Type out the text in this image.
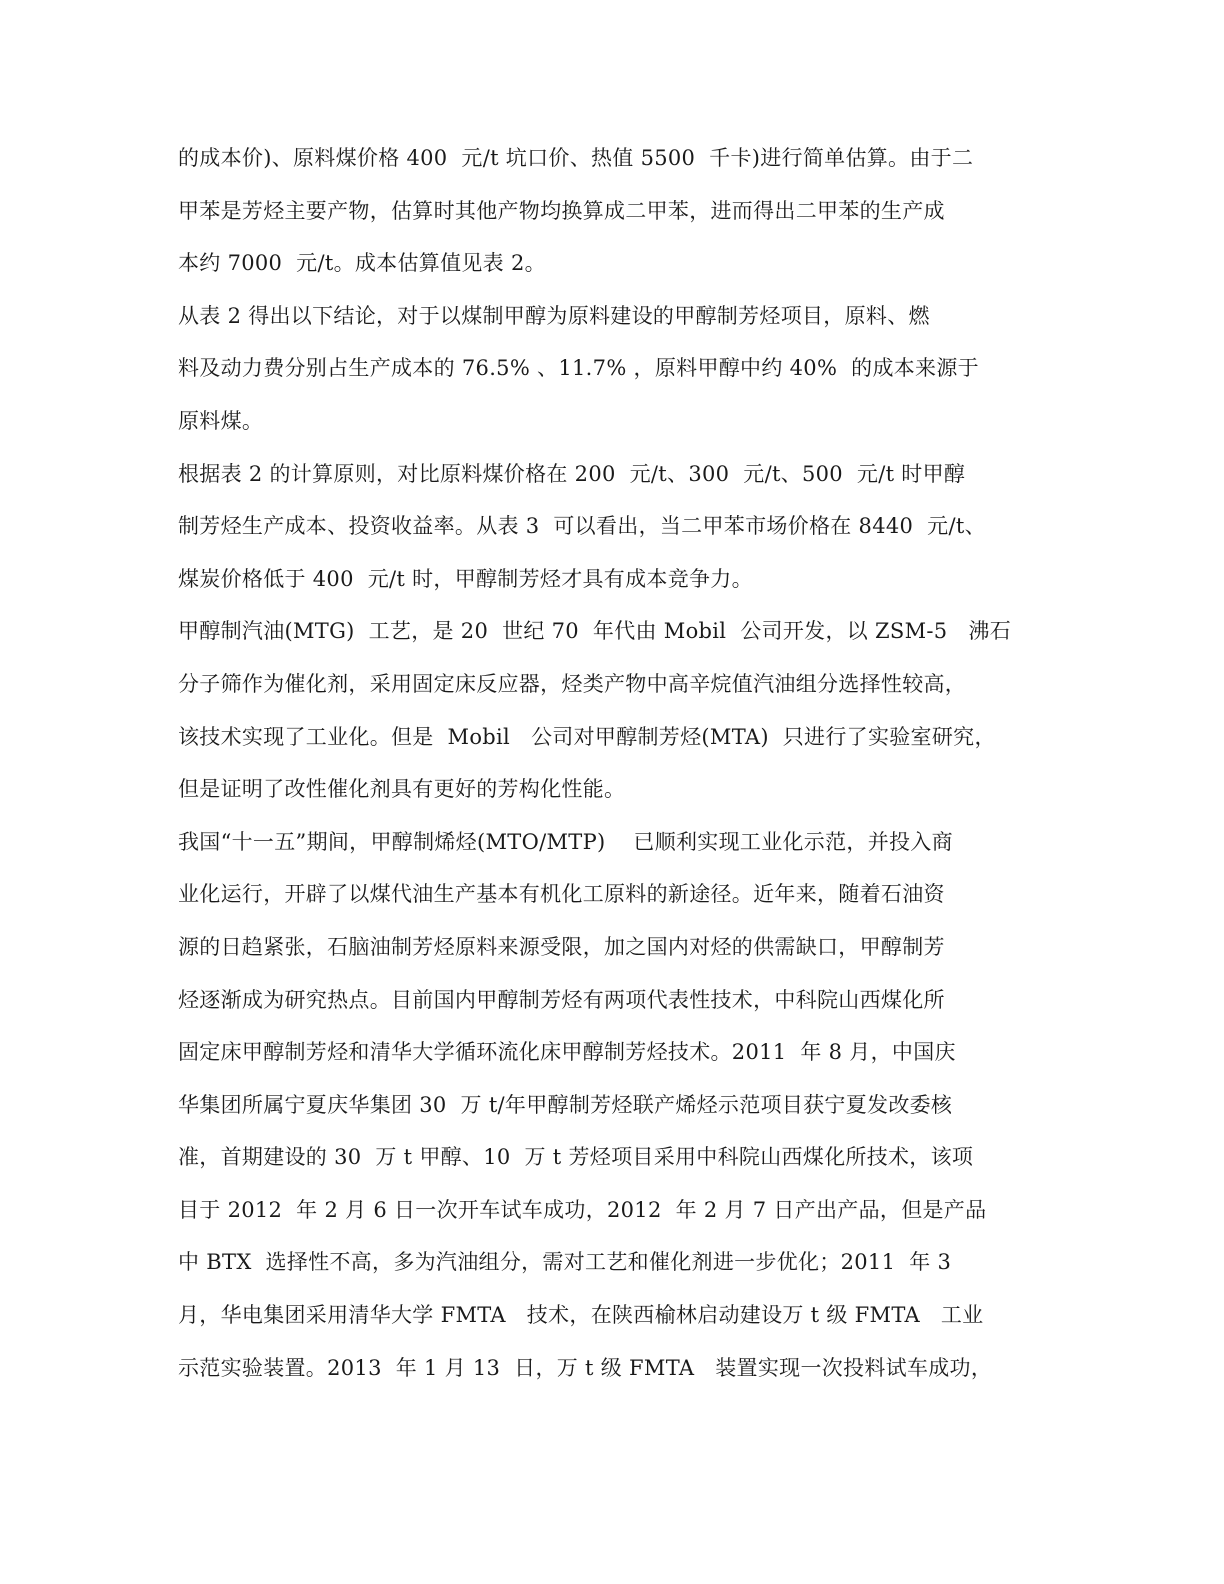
的成本价)、原料煤价格 400  元/t 坑口价、热值 5500  千卡)进行简单估算。由于二
甲苯是芳烃主要产物，估算时其他产物均换算成二甲苯，进而得出二甲苯的生产成
本约 7000  元/t。成本估算值见表 2。
从表 2 得出以下结论，对于以煤制甲醇为原料建设的甲醇制芳烃项目，原料、燃
料及动力费分别占生产成本的 76.5% 、11.7% ，原料甲醇中约 40%  的成本来源于
原料煤。
根据表 2 的计算原则，对比原料煤价格在 200  元/t、300  元/t、500  元/t 时甲醇
制芳烃生产成本、投资收益率。从表 3  可以看出，当二甲苯市场价格在 8440  元/t、
煤炭价格低于 400  元/t 时，甲醇制芳烃才具有成本竞争力。
甲醇制汽油(MTG)  工艺，是 20  世纪 70  年代由 Mobil  公司开发，以 ZSM-5   沸石
分子筛作为催化剂，采用固定床反应器，烃类产物中高辛烷值汽油组分选择性较高，
该技术实现了工业化。但是  Mobil   公司对甲醇制芳烃(MTA)  只进行了实验室研究，
但是证明了改性催化剂具有更好的芳构化性能。
我国“十一五”期间，甲醇制烯烃(MTO/MTP)    已顺利实现工业化示范，并投入商
业化运行，开辟了以煤代油生产基本有机化工原料的新途径。近年来，随着石油资
源的日趋紧张，石脑油制芳烃原料来源受限，加之国内对烃的供需缺口，甲醇制芳
烃逐渐成为研究热点。目前国内甲醇制芳烃有两项代表性技术，中科院山西煤化所
固定床甲醇制芳烃和清华大学循环流化床甲醇制芳烃技术。2011  年 8 月，中国庆
华集团所属宁夏庆华集团 30  万 t/年甲醇制芳烃联产烯烃示范项目获宁夏发改委核
准，首期建设的 30  万 t 甲醇、10  万 t 芳烃项目采用中科院山西煤化所技术，该项
目于 2012  年 2 月 6 日一次开车试车成功，2012  年 2 月 7 日产出产品，但是产品
中 BTX  选择性不高，多为汽油组分，需对工艺和催化剂进一步优化；2011  年 3
月，华电集团采用清华大学 FMTA   技术，在陕西榆林启动建设万 t 级 FMTA   工业
示范实验装置。2013  年 1 月 13  日，万 t 级 FMTA   装置实现一次投料试车成功，
